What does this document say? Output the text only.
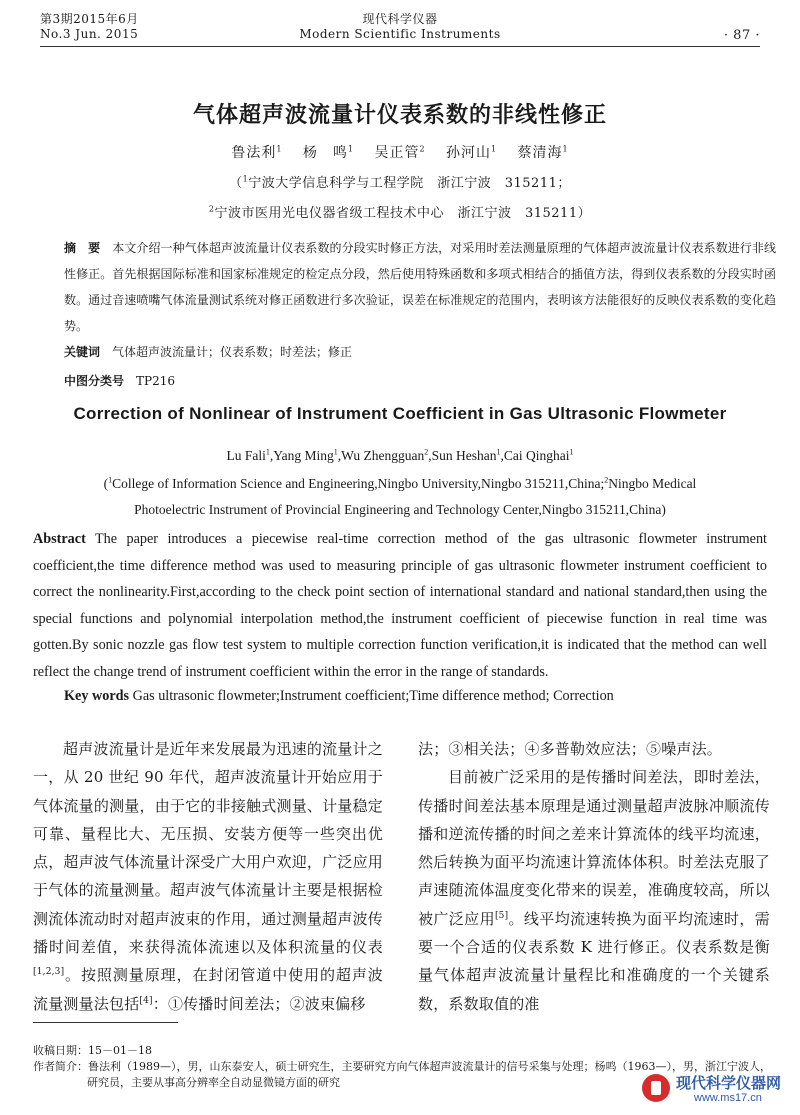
第3期2015年6月
No.3 Jun. 2015
现代科学仪器
Modern Scientific Instruments	· 87 ·
气体超声波流量计仪表系数的非线性修正
鲁法利$^1$  杨　鸣$^1$  吴正管$^2$  孙河山$^1$  蔡清海$^1$
（$^1$宁波大学信息科学与工程学院　浙江宁波　315211；
$^2$宁波市医用光电仪器省级工程技术中心　浙江宁波　315211）
摘　要  本文介绍一种气体超声波流量计仪表系数的分段实时修正方法，对采用时差法测量原理的气体超声波流量计仪表系数进行非线性修正。首先根据国际标准和国家标准规定的检定点分段，然后使用特殊函数和多项式相结合的插值方法，得到仪表系数的分段实时函数。通过音速喷嘴气体流量测试系统对修正函数进行多次验证，误差在标准规定的范围内，表明该方法能很好的反映仪表系数的变化趋势。
关键词  气体超声波流量计；仪表系数；时差法；修正
中图分类号  TP216
Correction of Nonlinear of Instrument Coefficient in Gas Ultrasonic Flowmeter
Lu Fali$^1$,Yang Ming$^1$,Wu Zhengguan$^2$,Sun Heshan$^1$,Cai Qinghai$^1$
($^1$College of Information Science and Engineering,Ningbo University,Ningbo 315211,China;$^2$Ningbo Medical
Photoelectric Instrument of Provincial Engineering and Technology Center,Ningbo 315211,China)
Abstract The paper introduces a piecewise real-time correction method of the gas ultrasonic flowmeter instrument coefficient,the time difference method was used to measuring principle of gas ultrasonic flowmeter instrument coefficient to correct the nonlinearity.First,according to the check point section of international standard and national standard,then using the special functions and polynomial interpolation method,the instrument coefficient of piecewise function in real time was gotten.By sonic nozzle gas flow test system to multiple correction function verification,it is indicated that the method can well reflect the change trend of instrument coefficient within the error in the range of standards.
Key words Gas ultrasonic flowmeter;Instrument coefficient;Time difference method; Correction

超声波流量计是近年来发展最为迅速的流量计之一，从 20 世纪 90 年代，超声波流量计开始应用于气体流量的测量，由于它的非接触式测量、计量稳定可靠、量程比大、无压损、安装方便等一些突出优点，超声波气体流量计深受广大用户欢迎，广泛应用于气体的流量测量。超声波气体流量计主要是根据检测流体流动时对超声波束的作用，通过测量超声波传播时间差值，来获得流体流速以及体积流量的仪表[1,2,3]。按照测量原理，在封闭管道中使用的超声波流量测量法包括[4]：①传播时间差法；②波束偏移

法；③相关法；④多普勒效应法；⑤噪声法。

目前被广泛采用的是传播时间差法，即时差法，传播时间差法基本原理是通过测量超声波脉冲顺流传播和逆流传播的时间之差来计算流体的线平均流速，然后转换为面平均流速计算流体体积。时差法克服了声速随流体温度变化带来的误差，准确度较高，所以被广泛应用[5]。线平均流速转换为面平均流速时，需要一个合适的仪表系数 K 进行修正。仪表系数是衡量气体超声波流量计量程比和准确度的一个关键系数，系数取值的准

收稿日期：15－01－18
作者简介：鲁法利（1989—），男，山东泰安人，硕士研究生，主要研究方向气体超声波流量计的信号采集与处理；杨鸣（1963—），男，浙江宁波人，
研究员，主要从事高分辨率全自动显微镜方面的研究	现代科学仪器网
www.ms17.cn
